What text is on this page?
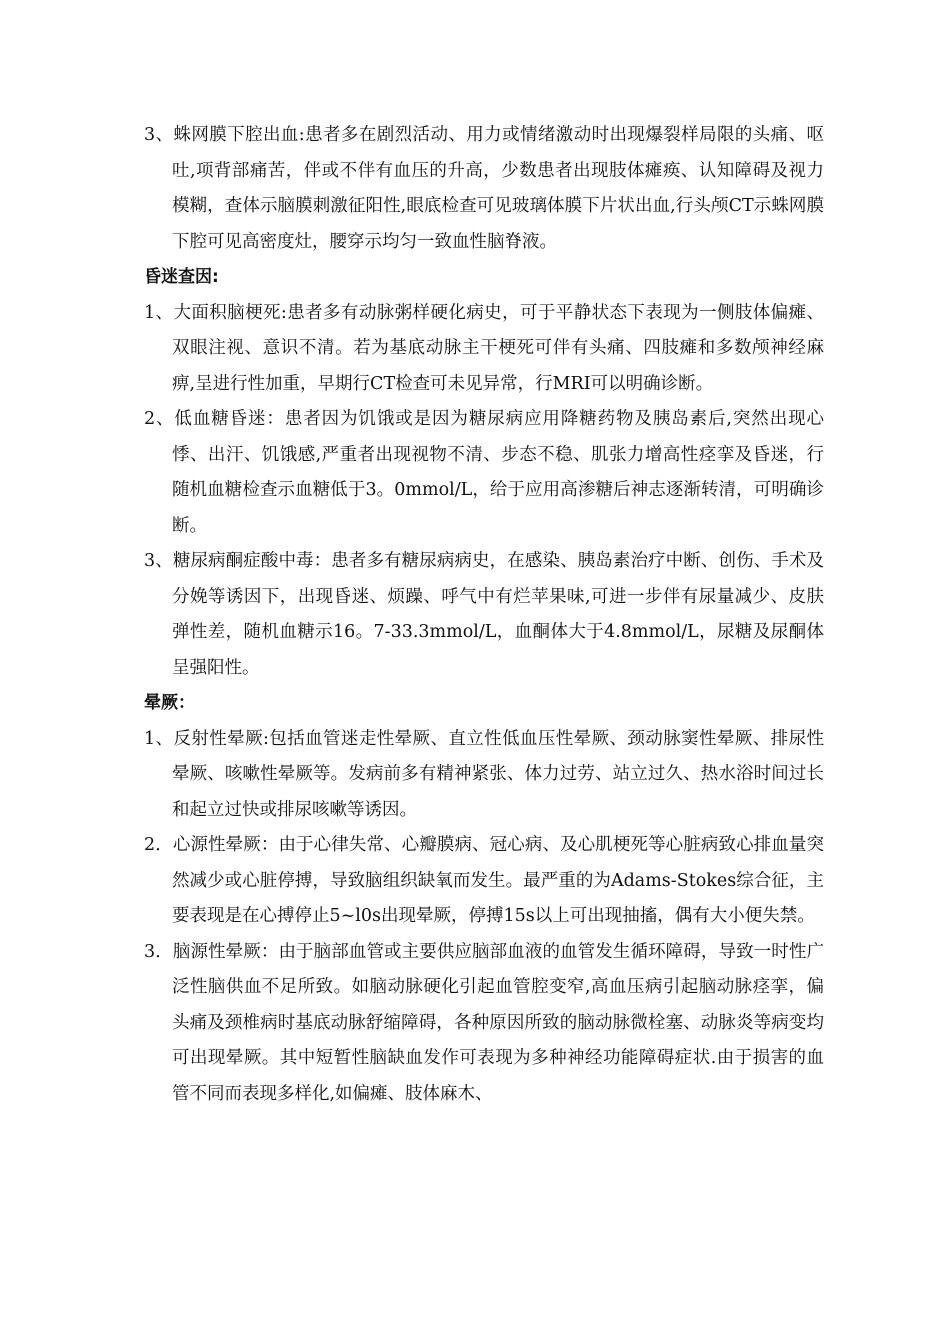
3、蛛网膜下腔出血:患者多在剧烈活动、用力或情绪激动时出现爆裂样局限的头痛、呕吐,项背部痛苦，伴或不伴有血压的升高，少数患者出现肢体瘫痪、认知障碍及视力模糊，查体示脑膜刺激征阳性,眼底检查可见玻璃体膜下片状出血,行头颅CT示蛛网膜下腔可见高密度灶，腰穿示均匀一致血性脑脊液。

昏迷查因:

1、大面积脑梗死:患者多有动脉粥样硬化病史，可于平静状态下表现为一侧肢体偏瘫、双眼注视、意识不清。若为基底动脉主干梗死可伴有头痛、四肢瘫和多数颅神经麻痹,呈进行性加重，早期行CT检查可未见异常，行MRI可以明确诊断。

2、低血糖昏迷：患者因为饥饿或是因为糖尿病应用降糖药物及胰岛素后,突然出现心悸、出汗、饥饿感,严重者出现视物不清、步态不稳、肌张力增高性痉挛及昏迷，行随机血糖检查示血糖低于3。0mmol/L，给于应用高渗糖后神志逐渐转清，可明确诊断。

3、糖尿病酮症酸中毒：患者多有糖尿病病史，在感染、胰岛素治疗中断、创伤、手术及分娩等诱因下，出现昏迷、烦躁、呼气中有烂苹果味,可进一步伴有尿量减少、皮肤弹性差，随机血糖示16。7-33.3mmol/L，血酮体大于4.8mmol/L，尿糖及尿酮体呈强阳性。

晕厥：

1、反射性晕厥:包括血管迷走性晕厥、直立性低血压性晕厥、颈动脉窦性晕厥、排尿性晕厥、咳嗽性晕厥等。发病前多有精神紧张、体力过劳、站立过久、热水浴时间过长和起立过快或排尿咳嗽等诱因。

2．心源性晕厥：由于心律失常、心瓣膜病、冠心病、及心肌梗死等心脏病致心排血量突然减少或心脏停搏，导致脑组织缺氧而发生。最严重的为Adams-Stokes综合征，主要表现是在心搏停止5~l0s出现晕厥，停搏15s以上可出现抽搐，偶有大小便失禁。

3．脑源性晕厥：由于脑部血管或主要供应脑部血液的血管发生循环障碍，导致一时性广泛性脑供血不足所致。如脑动脉硬化引起血管腔变窄,高血压病引起脑动脉痉挛，偏头痛及颈椎病时基底动脉舒缩障碍，各种原因所致的脑动脉微栓塞、动脉炎等病变均可出现晕厥。其中短暂性脑缺血发作可表现为多种神经功能障碍症状.由于损害的血管不同而表现多样化,如偏瘫、肢体麻木、
